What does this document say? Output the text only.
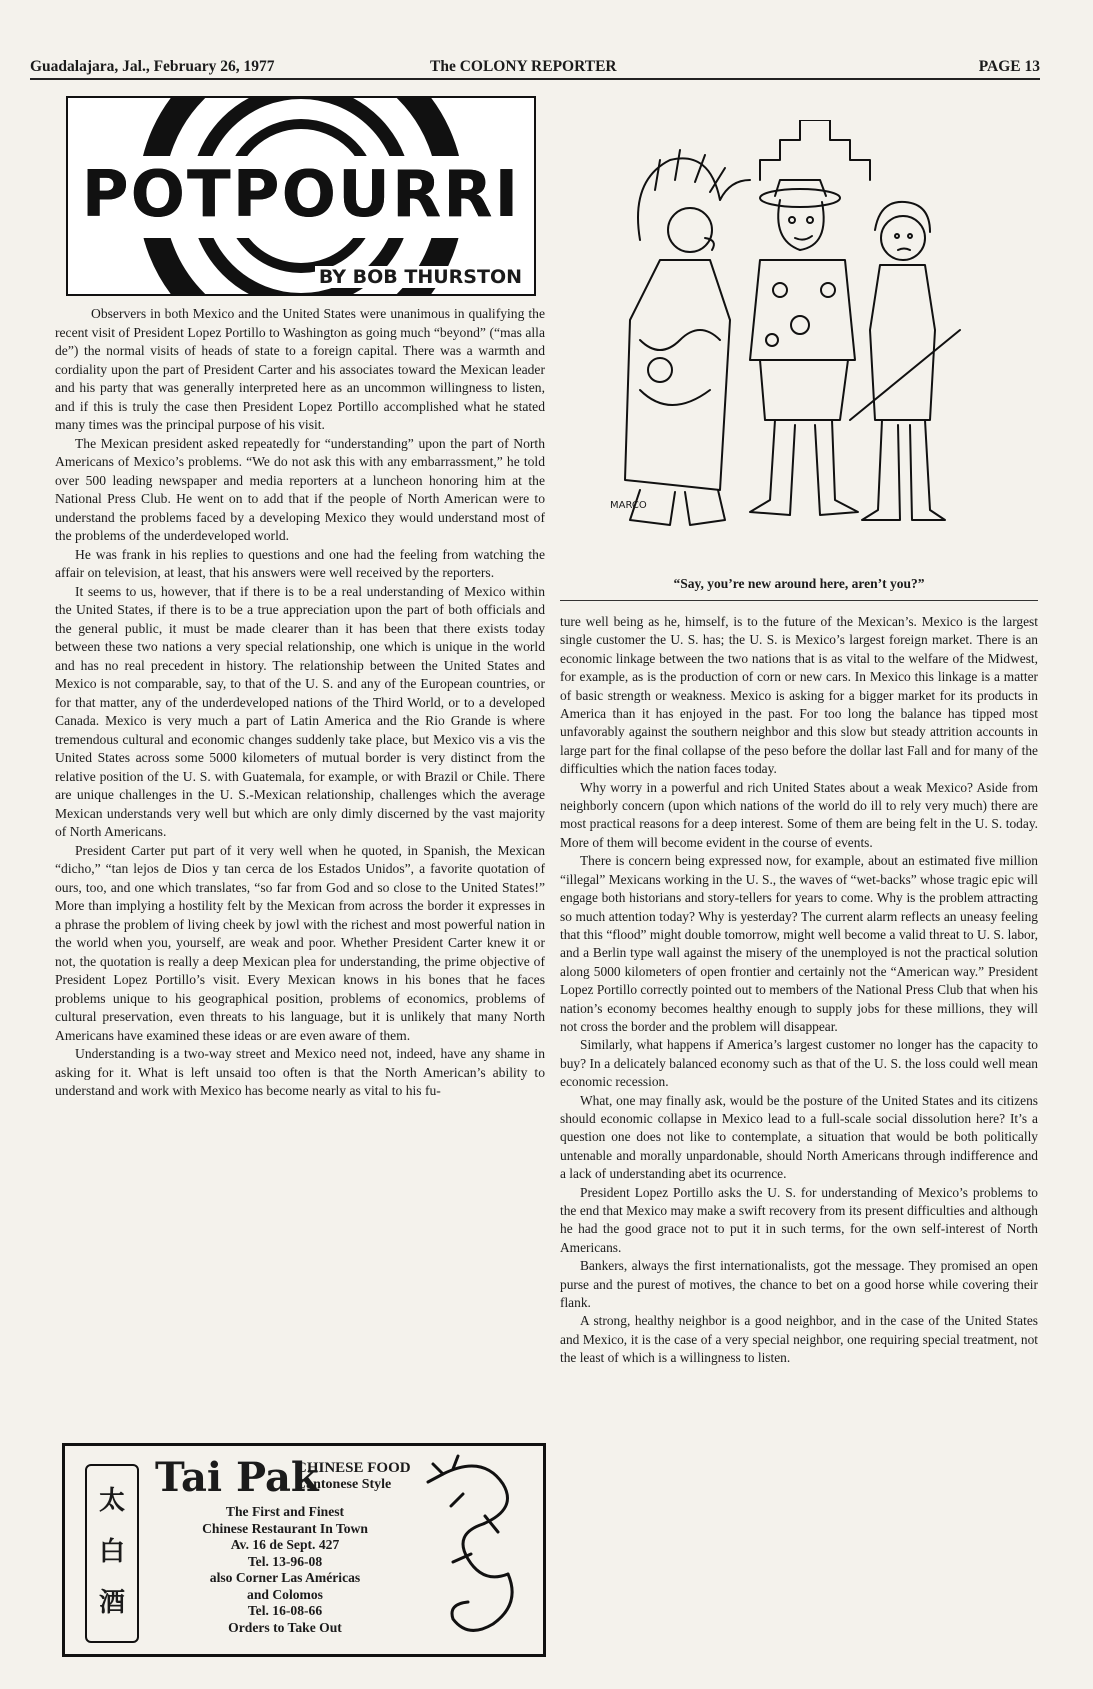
Guadalajara, Jal., February 26, 1977	The COLONY REPORTER	PAGE 13
POTPOURRI
BY BOB THURSTON

Observers in both Mexico and the United States were unanimous in qualifying the recent visit of President Lopez Portillo to Washington as going much “beyond” (“mas alla de”) the normal visits of heads of state to a foreign capital. There was a warmth and cordiality upon the part of President Carter and his associates toward the Mexican leader and his party that was generally interpreted here as an uncommon willingness to listen, and if this is truly the case then President Lopez Portillo accomplished what he stated many times was the principal purpose of his visit.

The Mexican president asked repeatedly for “understanding” upon the part of North Americans of Mexico’s problems. “We do not ask this with any embarrassment,” he told over 500 leading newspaper and media reporters at a luncheon honoring him at the National Press Club. He went on to add that if the people of North American were to understand the problems faced by a developing Mexico they would understand most of the problems of the underdeveloped world.

He was frank in his replies to questions and one had the feeling from watching the affair on television, at least, that his answers were well received by the reporters.

It seems to us, however, that if there is to be a real understanding of Mexico within the United States, if there is to be a true appreciation upon the part of both officials and the general public, it must be made clearer than it has been that there exists today between these two nations a very special relationship, one which is unique in the world and has no real precedent in history. The relationship between the United States and Mexico is not comparable, say, to that of the U. S. and any of the European countries, or for that matter, any of the underdeveloped nations of the Third World, or to a developed Canada. Mexico is very much a part of Latin America and the Rio Grande is where tremendous cultural and economic changes suddenly take place, but Mexico vis a vis the United States across some 5000 kilometers of mutual border is very distinct from the relative position of the U. S. with Guatemala, for example, or with Brazil or Chile. There are unique challenges in the U. S.-Mexican relationship, challenges which the average Mexican understands very well but which are only dimly discerned by the vast majority of North Americans.

President Carter put part of it very well when he quoted, in Spanish, the Mexican “dicho,” “tan lejos de Dios y tan cerca de los Estados Unidos”, a favorite quotation of ours, too, and one which translates, “so far from God and so close to the United States!” More than implying a hostility felt by the Mexican from across the border it expresses in a phrase the problem of living cheek by jowl with the richest and most powerful nation in the world when you, yourself, are weak and poor. Whether President Carter knew it or not, the quotation is really a deep Mexican plea for understanding, the prime objective of President Lopez Portillo’s visit. Every Mexican knows in his bones that he faces problems unique to his geographical position, problems of economics, problems of cultural preservation, even threats to his language, but it is unlikely that many North Americans have examined these ideas or are even aware of them.

Understanding is a two-way street and Mexico need not, indeed, have any shame in asking for it. What is left unsaid too often is that the North American’s ability to understand and work with Mexico has become nearly as vital to his fu-

MARCO
“Say, you’re new around here, aren’t you?”

ture well being as he, himself, is to the future of the Mexican’s. Mexico is the largest single customer the U. S. has; the U. S. is Mexico’s largest foreign market. There is an economic linkage between the two nations that is as vital to the welfare of the Midwest, for example, as is the production of corn or new cars. In Mexico this linkage is a matter of basic strength or weakness. Mexico is asking for a bigger market for its products in America than it has enjoyed in the past. For too long the balance has tipped most unfavorably against the southern neighbor and this slow but steady attrition accounts in large part for the final collapse of the peso before the dollar last Fall and for many of the difficulties which the nation faces today.

Why worry in a powerful and rich United States about a weak Mexico? Aside from neighborly concern (upon which nations of the world do ill to rely very much) there are most practical reasons for a deep interest. Some of them are being felt in the U. S. today. More of them will become evident in the course of events.

There is concern being expressed now, for example, about an estimated five million “illegal” Mexicans working in the U. S., the waves of “wet-backs” whose tragic epic will engage both historians and story-tellers for years to come. Why is the problem attracting so much attention today? Why is yesterday? The current alarm reflects an uneasy feeling that this “flood” might double tomorrow, might well become a valid threat to U. S. labor, and a Berlin type wall against the misery of the unemployed is not the practical solution along 5000 kilometers of open frontier and certainly not the “American way.” President Lopez Portillo correctly pointed out to members of the National Press Club that when his nation’s economy becomes healthy enough to supply jobs for these millions, they will not cross the border and the problem will disappear.

Similarly, what happens if America’s largest customer no longer has the capacity to buy? In a delicately balanced economy such as that of the U. S. the loss could well mean economic recession.

What, one may finally ask, would be the posture of the United States and its citizens should economic collapse in Mexico lead to a full-scale social dissolution here? It’s a question one does not like to contemplate, a situation that would be both politically untenable and morally unpardonable, should North Americans through indifference and a lack of understanding abet its ocurrence.

President Lopez Portillo asks the U. S. for understanding of Mexico’s problems to the end that Mexico may make a swift recovery from its present difficulties and although he had the good grace not to put it in such terms, for the own self-interest of North Americans.

Bankers, always the first internationalists, got the message. They promised an open purse and the purest of motives, the chance to bet on a good horse while covering their flank.

A strong, healthy neighbor is a good neighbor, and in the case of the United States and Mexico, it is the case of a very special neighbor, one requiring special treatment, not the least of which is a willingness to listen.

太
白
酒
Tai Pak
CHINESE FOOD
Cantonese Style
The First and Finest
Chinese Restaurant In Town
Av. 16 de Sept. 427
Tel. 13-96-08
also Corner Las Américas
and Colomos
Tel. 16-08-66
Orders to Take Out
